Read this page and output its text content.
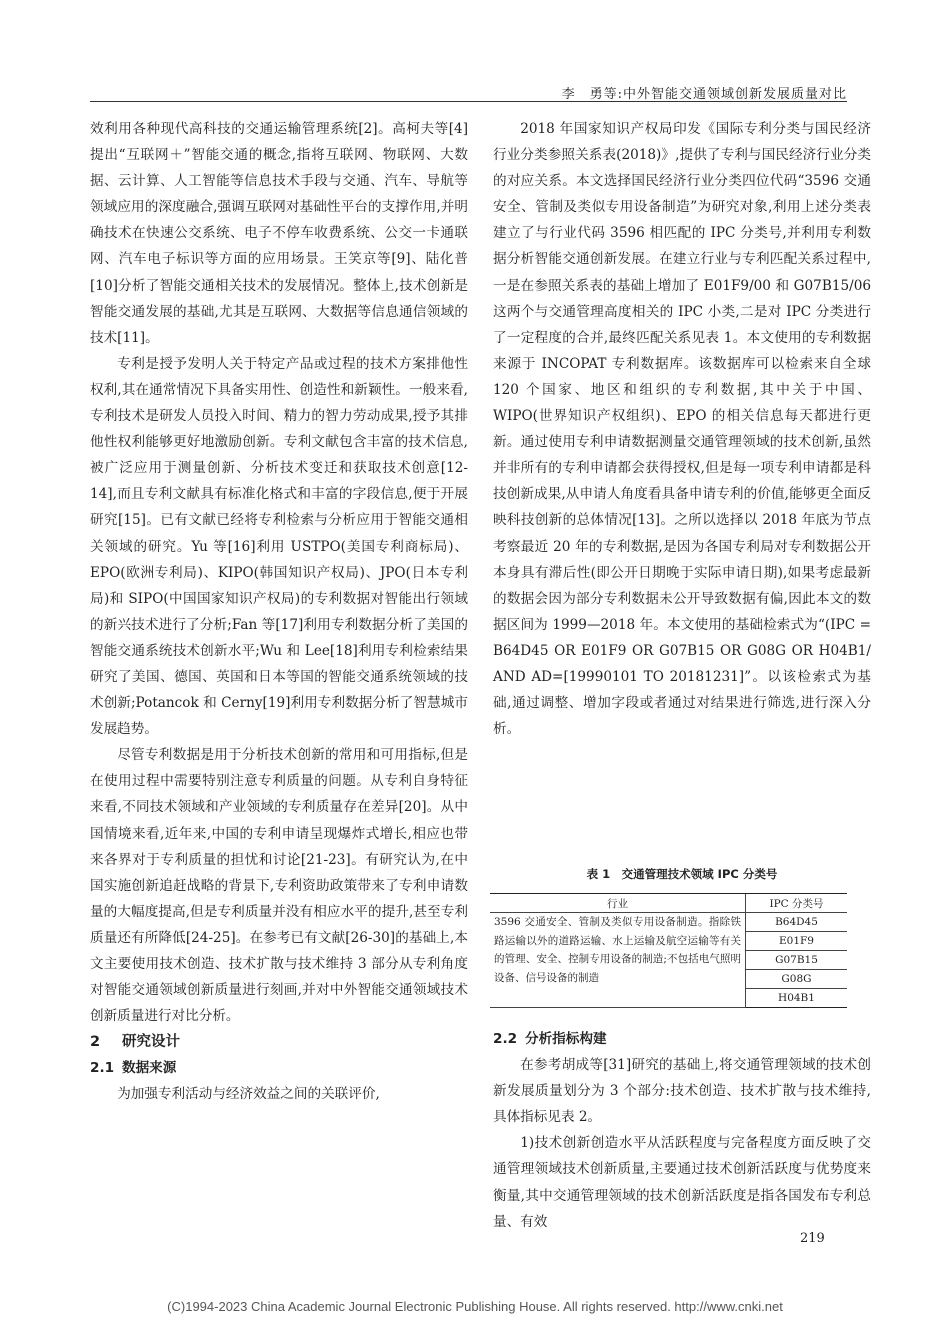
李　勇等:中外智能交通领域创新发展质量对比

效利用各种现代高科技的交通运输管理系统[2]。高柯夫等[4]提出“互联网＋”智能交通的概念,指将互联网、物联网、大数据、云计算、人工智能等信息技术手段与交通、汽车、导航等领域应用的深度融合,强调互联网对基础性平台的支撑作用,并明确技术在快速公交系统、电子不停车收费系统、公交一卡通联网、汽车电子标识等方面的应用场景。王笑京等[9]、陆化普[10]分析了智能交通相关技术的发展情况。整体上,技术创新是智能交通发展的基础,尤其是互联网、大数据等信息通信领域的技术[11]。

专利是授予发明人关于特定产品或过程的技术方案排他性权利,其在通常情况下具备实用性、创造性和新颖性。一般来看,专利技术是研发人员投入时间、精力的智力劳动成果,授予其排他性权利能够更好地激励创新。专利文献包含丰富的技术信息,被广泛应用于测量创新、分析技术变迁和获取技术创意[12-14],而且专利文献具有标准化格式和丰富的字段信息,便于开展研究[15]。已有文献已经将专利检索与分析应用于智能交通相关领域的研究。Yu 等[16]利用 USTPO(美国专利商标局)、EPO(欧洲专利局)、KIPO(韩国知识产权局)、JPO(日本专利局)和 SIPO(中国国家知识产权局)的专利数据对智能出行领域的新兴技术进行了分析;Fan 等[17]利用专利数据分析了美国的智能交通系统技术创新水平;Wu 和 Lee[18]利用专利检索结果研究了美国、德国、英国和日本等国的智能交通系统领域的技术创新;Potancok 和 Cerny[19]利用专利数据分析了智慧城市发展趋势。

尽管专利数据是用于分析技术创新的常用和可用指标,但是在使用过程中需要特别注意专利质量的问题。从专利自身特征来看,不同技术领域和产业领域的专利质量存在差异[20]。从中国情境来看,近年来,中国的专利申请呈现爆炸式增长,相应也带来各界对于专利质量的担忧和讨论[21-23]。有研究认为,在中国实施创新追赶战略的背景下,专利资助政策带来了专利申请数量的大幅度提高,但是专利质量并没有相应水平的提升,甚至专利质量还有所降低[24-25]。在参考已有文献[26-30]的基础上,本文主要使用技术创造、技术扩散与技术维持 3 部分从专利角度对智能交通领域创新质量进行刻画,并对中外智能交通领域技术创新质量进行对比分析。

2 研究设计
2.1 数据来源

为加强专利活动与经济效益之间的关联评价,

2018 年国家知识产权局印发《国际专利分类与国民经济行业分类参照关系表(2018)》,提供了专利与国民经济行业分类的对应关系。本文选择国民经济行业分类四位代码“3596 交通安全、管制及类似专用设备制造”为研究对象,利用上述分类表建立了与行业代码 3596 相匹配的 IPC 分类号,并利用专利数据分析智能交通创新发展。在建立行业与专利匹配关系过程中,一是在参照关系表的基础上增加了 E01F9/00 和 G07B15/06 这两个与交通管理高度相关的 IPC 小类,二是对 IPC 分类进行了一定程度的合并,最终匹配关系见表 1。本文使用的专利数据来源于 INCOPAT 专利数据库。该数据库可以检索来自全球 120 个国家、地区和组织的专利数据,其中关于中国、WIPO(世界知识产权组织)、EPO 的相关信息每天都进行更新。通过使用专利申请数据测量交通管理领域的技术创新,虽然并非所有的专利申请都会获得授权,但是每一项专利申请都是科技创新成果,从申请人角度看具备申请专利的价值,能够更全面反映科技创新的总体情况[13]。之所以选择以 2018 年底为节点考察最近 20 年的专利数据,是因为各国专利局对专利数据公开本身具有滞后性(即公开日期晚于实际申请日期),如果考虑最新的数据会因为部分专利数据未公开导致数据有偏,因此本文的数据区间为 1999—2018 年。本文使用的基础检索式为“(IPC = B64D45 OR E01F9 OR G07B15 OR G08G OR H04B1/ AND AD=[19990101 TO 20181231]”。以该检索式为基础,通过调整、增加字段或者通过对结果进行筛选,进行深入分析。

表 1　交通管理技术领域 IPC 分类号
行业	IPC 分类号
3596 交通安全、管制及类似专用设备制造。指除铁路运输以外的道路运输、水上运输及航空运输等有关的管理、安全、控制专用设备的制造;不包括电气照明设备、信号设备的制造	B64D45
	E01F9
	G07B15
	G08G
	H04B1
2.2 分析指标构建

在参考胡成等[31]研究的基础上,将交通管理领域的技术创新发展质量划分为 3 个部分:技术创造、技术扩散与技术维持,具体指标见表 2。

1)技术创新创造水平从活跃程度与完备程度方面反映了交通管理领域技术创新质量,主要通过技术创新活跃度与优势度来衡量,其中交通管理领域的技术创新活跃度是指各国发布专利总量、有效

219
(C)1994-2023 China Academic Journal Electronic Publishing House. All rights reserved. http://www.cnki.net
